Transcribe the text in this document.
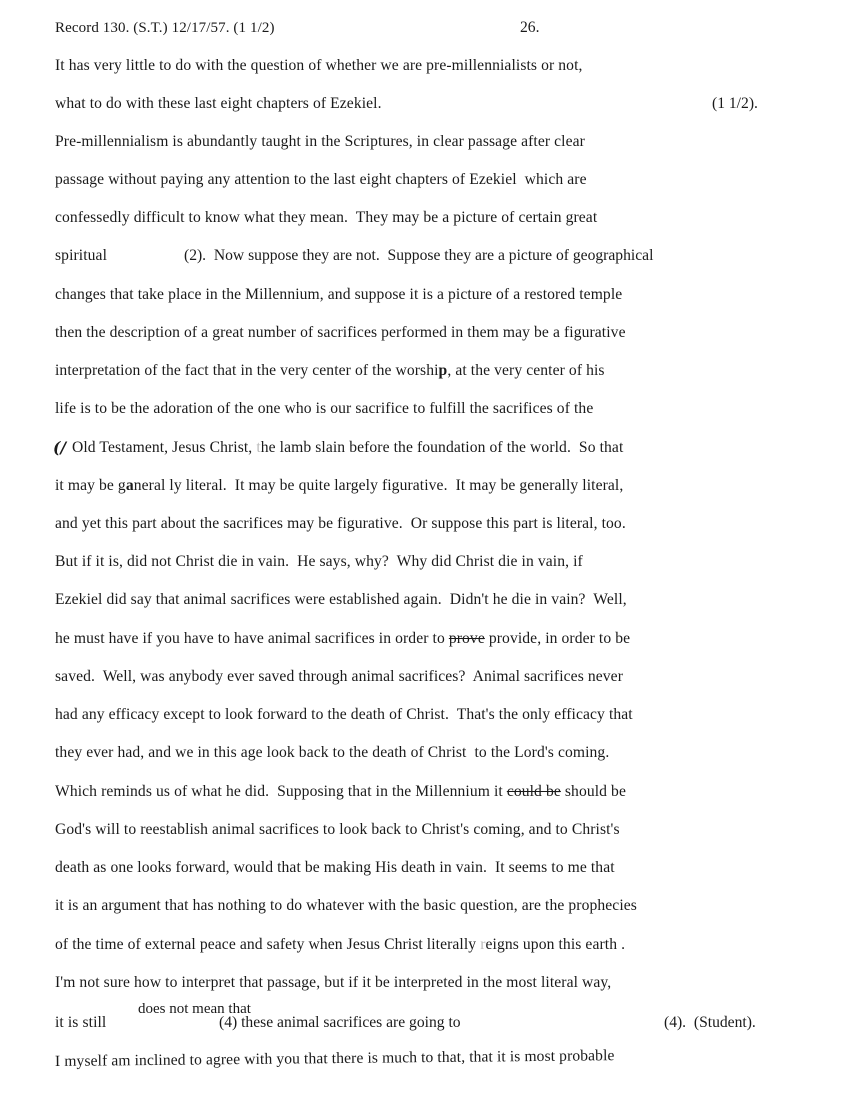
Record 130. (S.T.) 12/17/57. (1 1/2)	26.
It has very little to do with the question of whether we are pre-millennialists or not,
what to do with these last eight chapters of Ezekiel.	(1 1/2).
Pre-millennialism is abundantly taught in the Scriptures, in clear passage after clear
passage without paying any attention to the last eight chapters of Ezekiel  which are
confessedly difficult to know what they mean.  They may be a picture of certain great
spiritual	(2).  Now suppose they are not.  Suppose they are a picture of geographical
changes that take place in the Millennium, and suppose it is a picture of a restored temple
then the description of a great number of sacrifices performed in them may be a figurative
interpretation of the fact that in the very center of the worship, at the very center of his
life is to be the adoration of the one who is our sacrifice to fulfill the sacrifices of the
(/ Old Testament, Jesus Christ, the lamb slain before the foundation of the world.  So that
it may be ganeral ly literal.  It may be quite largely figurative.  It may be generally literal,
and yet this part about the sacrifices may be figurative.  Or suppose this part is literal, too.
But if it is, did not Christ die in vain.  He says, why?  Why did Christ die in vain, if
Ezekiel did say that animal sacrifices were established again.  Didn't he die in vain?  Well,
he must have if you have to have animal sacrifices in order to prove provide, in order to be
saved.  Well, was anybody ever saved through animal sacrifices?  Animal sacrifices never
had any efficacy except to look forward to the death of Christ.  That's the only efficacy that
they ever had, and we in this age look back to the death of Christ  to the Lord's coming.
Which reminds us of what he did.  Supposing that in the Millennium it could be should be
God's will to reestablish animal sacrifices to look back to Christ's coming, and to Christ's
death as one looks forward, would that be making His death in vain.  It seems to me that
it is an argument that has nothing to do whatever with the basic question, are the prophecies
of the time of external peace and safety when Jesus Christ literally reigns upon this earth .
I'm not sure how to interpret that passage, but if it be interpreted in the most literal way,
does not mean that
it is still	(4) these animal sacrifices are going to	(4).  (Student).
I myself am inclined to agree with you that there is much to that, that it is most probable
